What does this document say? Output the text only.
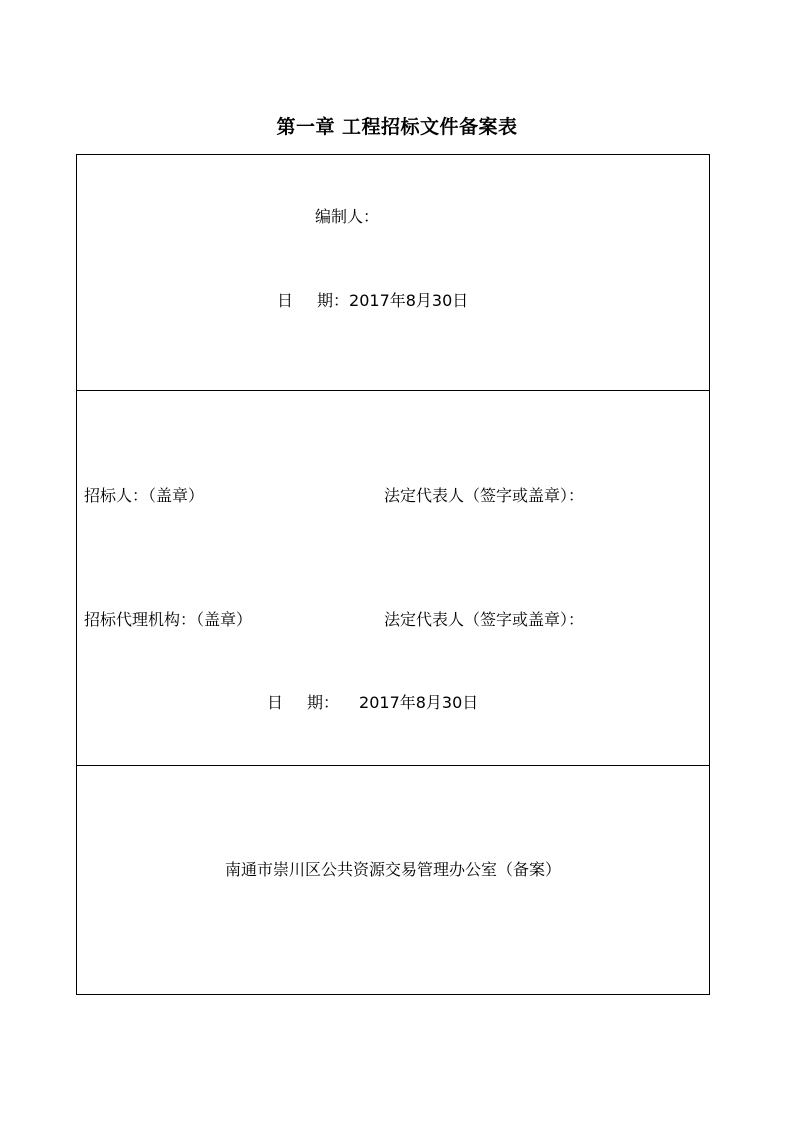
第一章 工程招标文件备案表
编制人：
日 期：2017年8月30日
招标人：（盖章）	法定代表人（签字或盖章）：
招标代理机构：（盖章）	法定代表人（签字或盖章）：
日 期： 2017年8月30日
南通市崇川区公共资源交易管理办公室（备案）
